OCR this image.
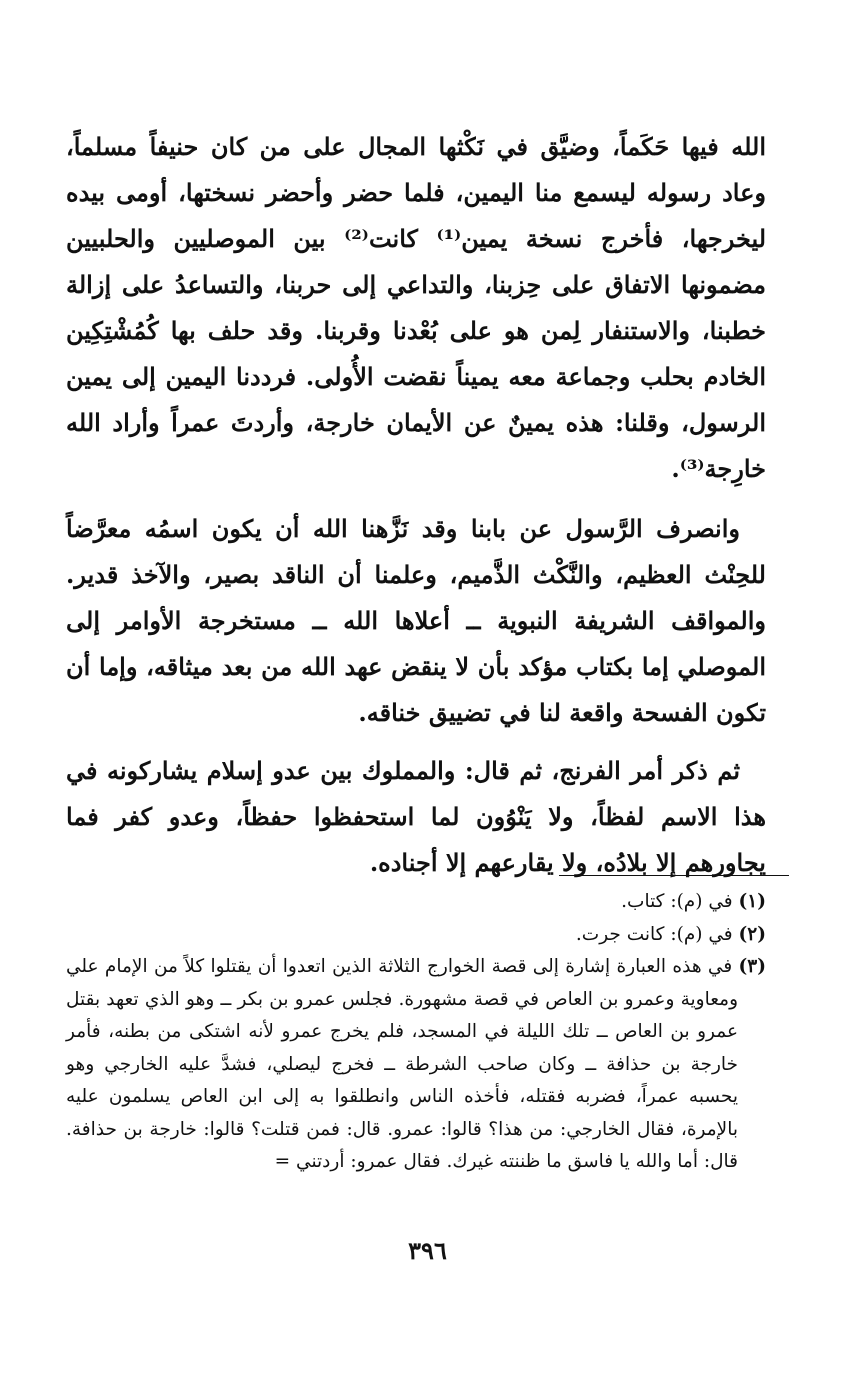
الله فيها حَكَماً، وضيَّق في نَكْثها المجال على من كان حنيفاً مسلماً، وعاد رسوله ليسمع منا اليمين، فلما حضر وأحضر نسختها، أومى بيده ليخرجها، فأخرج نسخة يمين⁽¹⁾ كانت⁽²⁾ بين الموصليين والحلبيين مضمونها الاتفاق على حِزبنا، والتداعي إلى حربنا، والتساعدُ على إزالة خطبنا، والاستنفار لِمن هو على بُعْدنا وقربنا. وقد حلف بها كُمُشْتِكِين الخادم بحلب وجماعة معه يميناً نقضت الأُولى. فرددنا اليمين إلى يمين الرسول، وقلنا: هذه يمينٌ عن الأيمان خارجة، وأردتَ عمراً وأراد الله خارِجة⁽³⁾.

وانصرف الرَّسول عن بابنا وقد نَزَّهنا الله أن يكون اسمُه معرَّضاً للحِنْث العظيم، والنَّكْث الذَّميم، وعلمنا أن الناقد بصير، والآخذ قدير. والمواقف الشريفة النبوية ــ أعلاها الله ــ مستخرجة الأوامر إلى الموصلي إما بكتاب مؤكد بأن لا ينقض عهد الله من بعد ميثاقه، وإما أن تكون الفسحة واقعة لنا في تضييق خناقه.

ثم ذكر أمر الفرنج، ثم قال: والمملوك بين عدو إسلام يشاركونه في هذا الاسم لفظاً، ولا يَنْوُون لما استحفظوا حفظاً، وعدو كفر فما يجاورهم إلا بلادُه، ولا يقارعهم إلا أجناده.

(١) في (م): كتاب.

(٢) في (م): كانت جرت.

(٣) في هذه العبارة إشارة إلى قصة الخوارج الثلاثة الذين اتعدوا أن يقتلوا كلاً من الإمام علي ومعاوية وعمرو بن العاص في قصة مشهورة. فجلس عمرو بن بكر ــ وهو الذي تعهد بقتل عمرو بن العاص ــ تلك الليلة في المسجد، فلم يخرج عمرو لأنه اشتكى من بطنه، فأمر خارجة بن حذافة ــ وكان صاحب الشرطة ــ فخرج ليصلي، فشدَّ عليه الخارجي وهو يحسبه عمراً، فضربه فقتله، فأخذه الناس وانطلقوا به إلى ابن العاص يسلمون عليه بالإمرة، فقال الخارجي: من هذا؟ قالوا: عمرو. قال: فمن قتلت؟ قالوا: خارجة بن حذافة. قال: أما والله يا فاسق ما ظننته غيرك. فقال عمرو: أردتني =

٣٩٦
